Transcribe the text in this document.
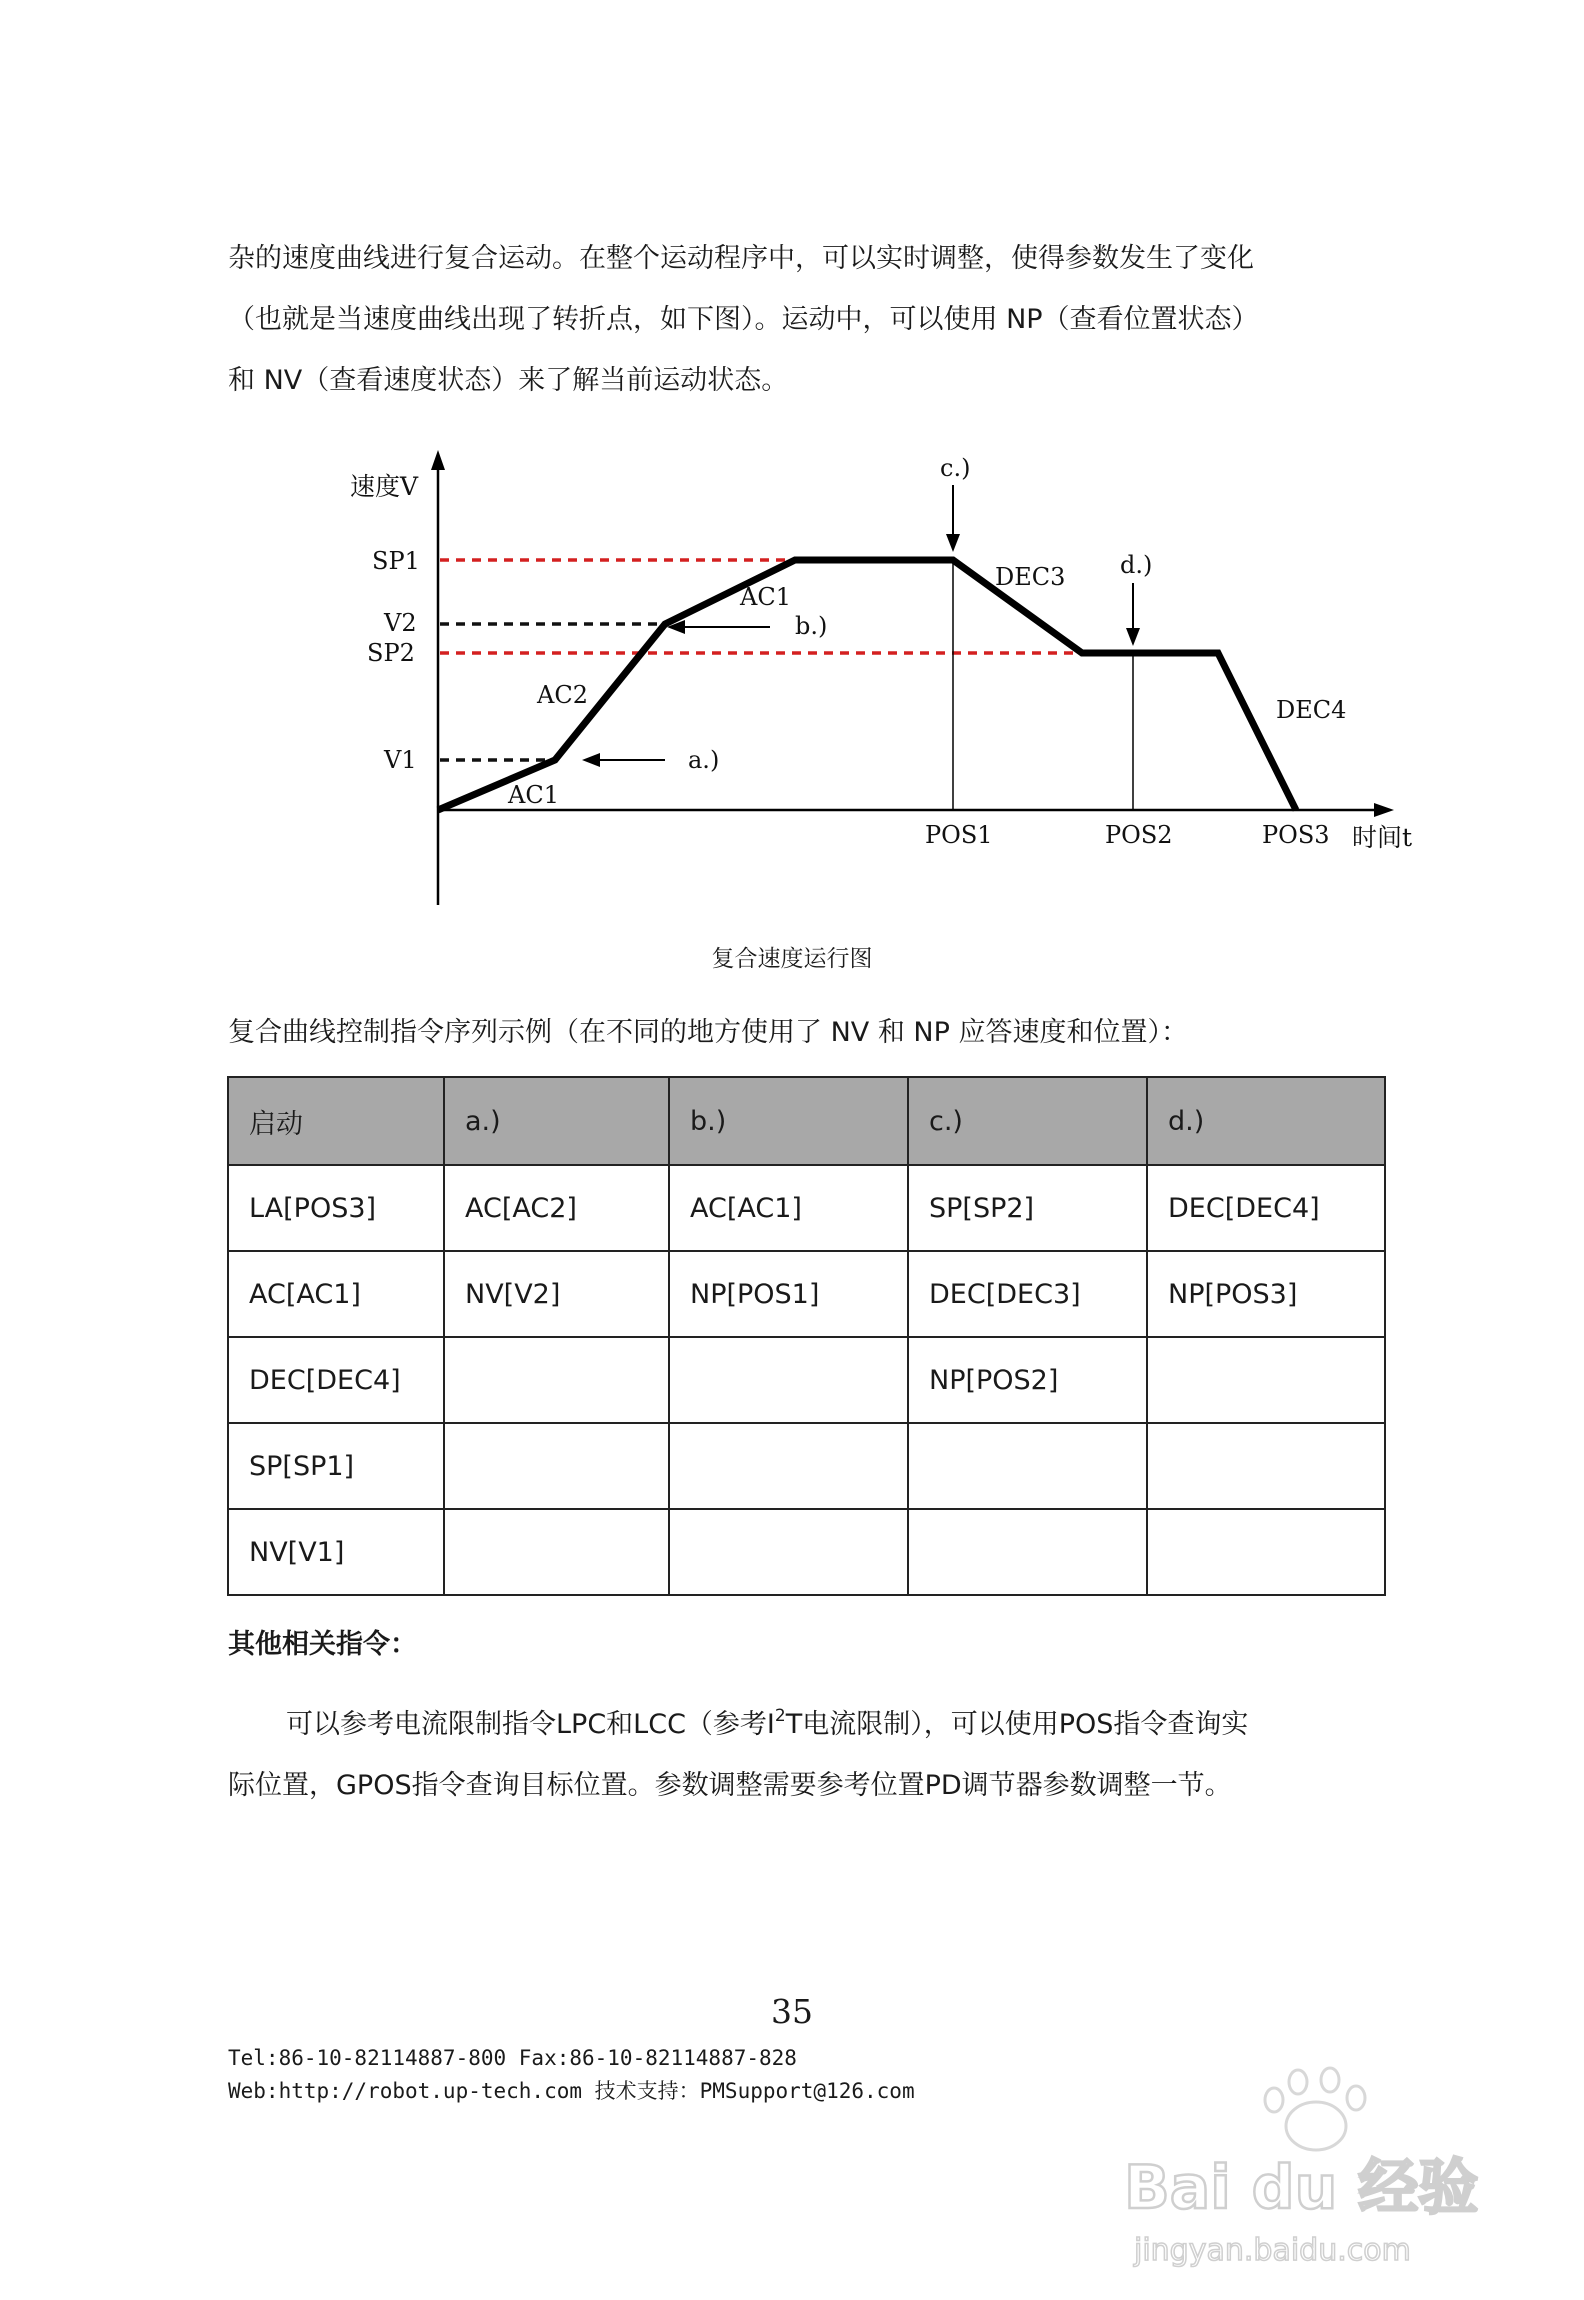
杂的速度曲线进行复合运动。在整个运动程序中，可以实时调整，使得参数发生了变化
（也就是当速度曲线出现了转折点，如下图）。运动中，可以使用 NP（查看位置状态）
和 NV（查看速度状态）来了解当前运动状态。
速度V
时间t
SP1
V2
SP2
V1
POS1	POS2	POS3
AC1
AC2
AC1
DEC3
DEC4
a.)
b.)
c.)
d.)
复合速度运行图
复合曲线控制指令序列示例（在不同的地方使用了 NV 和 NP 应答速度和位置）：
启动	a.)	b.)	c.)	d.)
LA[POS3]	AC[AC2]	AC[AC1]	SP[SP2]	DEC[DEC4]
AC[AC1]	NV[V2]	NP[POS1]	DEC[DEC3]	NP[POS3]
DEC[DEC4]			NP[POS2]	
SP[SP1]				
NV[V1]				
其他相关指令：
可以参考电流限制指令LPC和LCC（参考$I^2T$电流限制），可以使用POS指令查询实
际位置，GPOS指令查询目标位置。参数调整需要参考位置PD调节器参数调整一节。
35
Tel:86-10-82114887-800 Fax:86-10-82114887-828
Web:http://robot.up-tech.com 技术支持：PMSupport@126.com
Bai du 经验
jingyan.baidu.com
